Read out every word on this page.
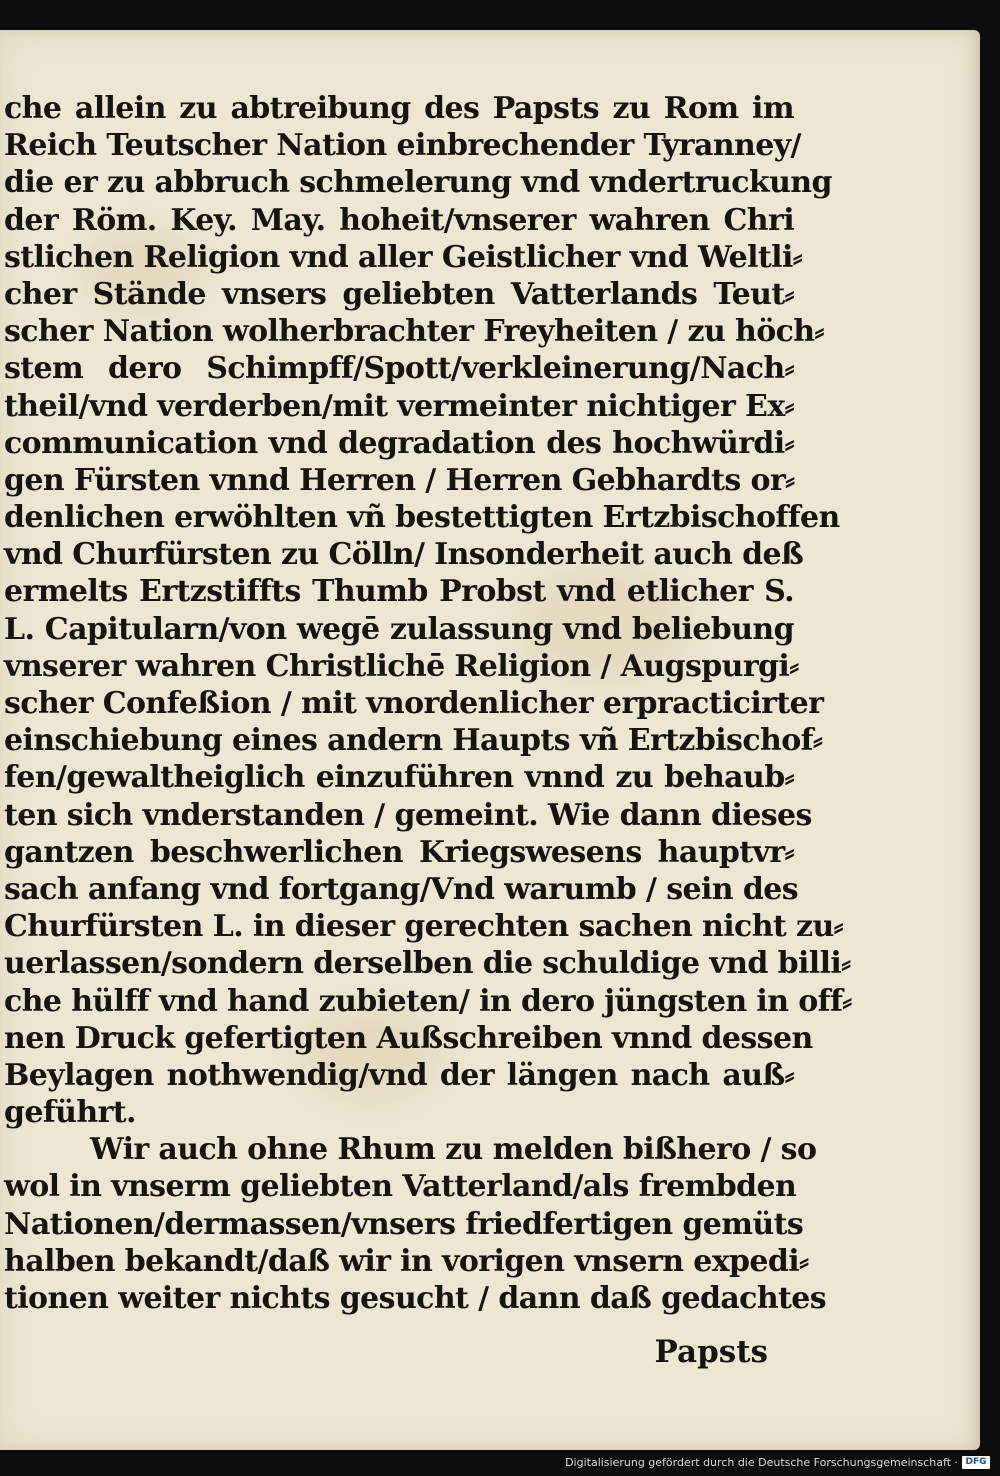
che allein zu abtreibung des Papsts zu Rom im
Reich Teutscher Nation einbrechender Tyranney/
die er zu abbruch schmelerung vnd vndertruckung
der Röm. Key. May. hoheit/vnserer wahren Chri
stlichen Religion vnd aller Geistlicher vnd Weltli⸗
cher Stände vnsers geliebten Vatterlands Teut⸗
scher Nation wolherbrachter Freyheiten / zu höch⸗
stem dero Schimpff/Spott/verkleinerung/Nach⸗
theil/vnd verderben/mit vermeinter nichtiger Ex⸗
communication vnd degradation des hochwürdi⸗
gen Fürsten vnnd Herren / Herren Gebhardts or⸗
denlichen erwöhlten vñ bestettigten Ertzbischoffen
vnd Churfürsten zu Cölln/ Insonderheit auch deß
ermelts Ertzstiffts Thumb Probst vnd etlicher S.
L. Capitularn/von wegē zulassung vnd beliebung
vnserer wahren Christlichē Religion / Augspurgi⸗
scher Confeßion / mit vnordenlicher erpracticirter
einschiebung eines andern Haupts vñ Ertzbischof⸗
fen/gewaltheiglich einzuführen vnnd zu behaub⸗
ten sich vnderstanden / gemeint. Wie dann dieses
gantzen beschwerlichen Kriegswesens hauptvr⸗
sach anfang vnd fortgang/Vnd warumb / sein des
Churfürsten L. in dieser gerechten sachen nicht zu⸗
uerlassen/sondern derselben die schuldige vnd billi⸗
che hülff vnd hand zubieten/ in dero jüngsten in off⸗
nen Druck gefertigten Außschreiben vnnd dessen
Beylagen nothwendig/vnd der längen nach auß⸗
geführt.
Wir auch ohne Rhum zu melden bißhero / so
wol in vnserm geliebten Vatterland/als frembden
Nationen/dermassen/vnsers friedfertigen gemüts
halben bekandt/daß wir in vorigen vnsern expedi⸗
tionen weiter nichts gesucht / dann daß gedachtes
Papsts
Digitalisierung gefördert durch die Deutsche Forschungsgemeinschaft · DFG
